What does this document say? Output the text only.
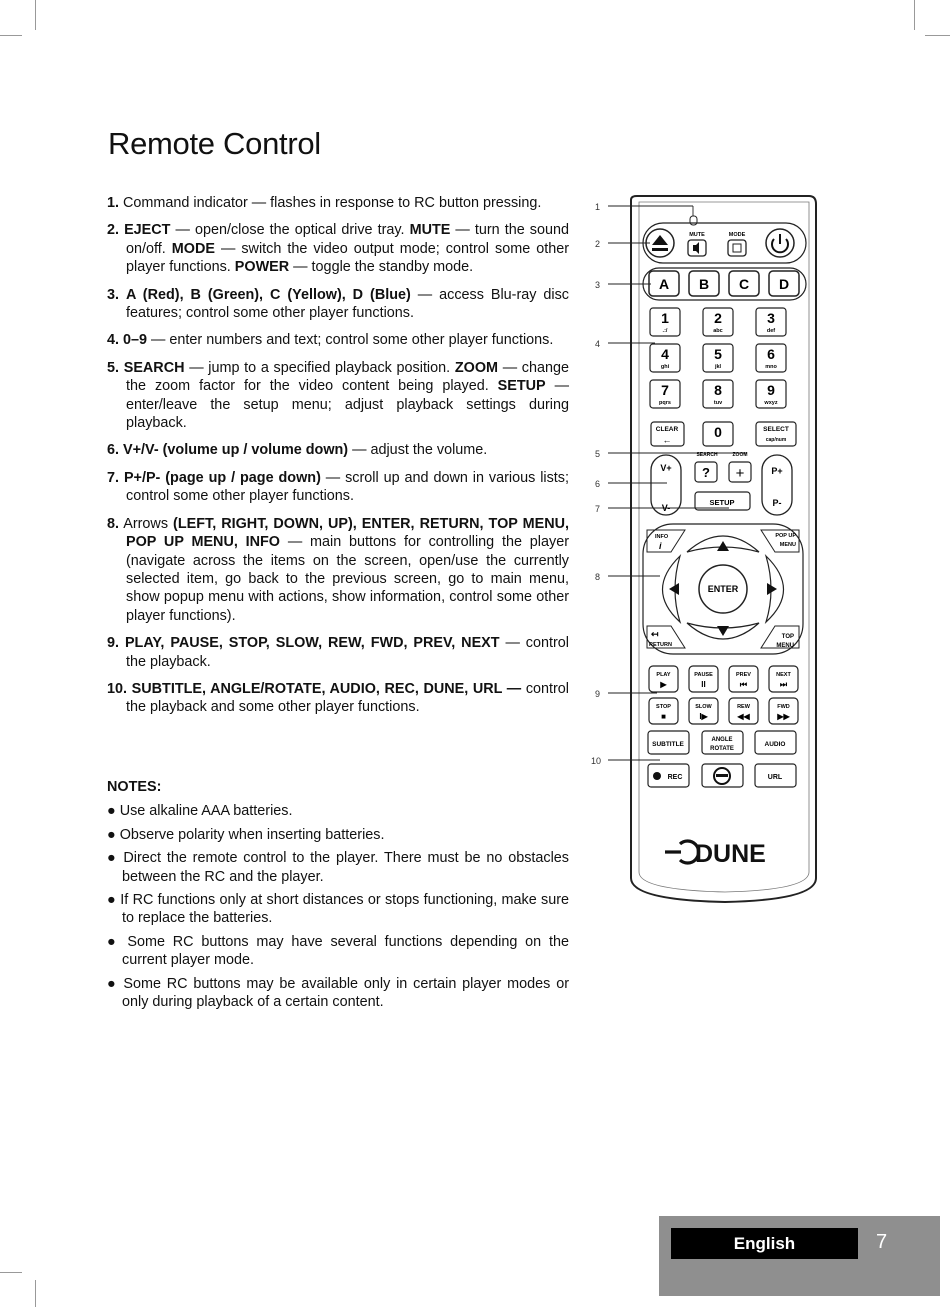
Remote Control
1. Command indicator — flashes in response to RC button pressing.
2. EJECT — open/close the optical drive tray. MUTE — turn the sound on/off. MODE — switch the video output mode; control some other player functions. POWER — toggle the standby mode.
3. A (Red), B (Green), C (Yellow), D (Blue) — access Blu-ray disc features; control some other player functions.
4. 0–9 — enter numbers and text; control some other player functions.
5. SEARCH — jump to a specified playback position. ZOOM — change the zoom factor for the video content being played. SETUP — enter/leave the setup menu; adjust playback settings during playback.
6. V+/V- (volume up / volume down) — adjust the volume.
7. P+/P- (page up / page down) — scroll up and down in various lists; control some other player functions.
8. Arrows (LEFT, RIGHT, DOWN, UP), ENTER, RETURN, TOP MENU, POP UP MENU, INFO — main buttons for controlling the player (navigate across the items on the screen, open/use the currently selected item, go back to the previous screen, go to main menu, show popup menu with actions, show information, control some other player functions).
9. PLAY, PAUSE, STOP, SLOW, REW, FWD, PREV, NEXT — control the playback.
10. SUBTITLE, ANGLE/ROTATE, AUDIO, REC, DUNE, URL — control the playback and some other player functions.
NOTES:
● Use alkaline AAA batteries.
● Observe polarity when inserting batteries.
● Direct the remote control to the player. There must be no obstacles between the RC and the player.
● If RC functions only at short distances or stops functioning, make sure to replace the batteries.
● Some RC buttons may have several functions depending on the current player mode.
● Some RC buttons may be available only in certain player modes or only during playback of a certain content.
1
2
3
4
5
6
7
8
9
10
MUTE	MODE
A B C D
1
.:/
2
abc
3
def
4
ghi
5
jkl
6
mno
7
pqrs
8
tuv
9
wxyz
CLEAR
←	0	SELECT
cap/num
SEARCH	ZOOM
V+
V-
? +
SETUP
P+
P-
INFO
i
POP UP
MENU
↤
RETURN
TOP
MENU
ENTER
PLAY
▶
PAUSE
II
PREV
⏮
NEXT
⏭
STOP
■
SLOW
I▶
REW
◀◀
FWD
▶▶
SUBTITLE
ANGLE
ROTATE
AUDIO
REC	URL
DUNE
English	7
